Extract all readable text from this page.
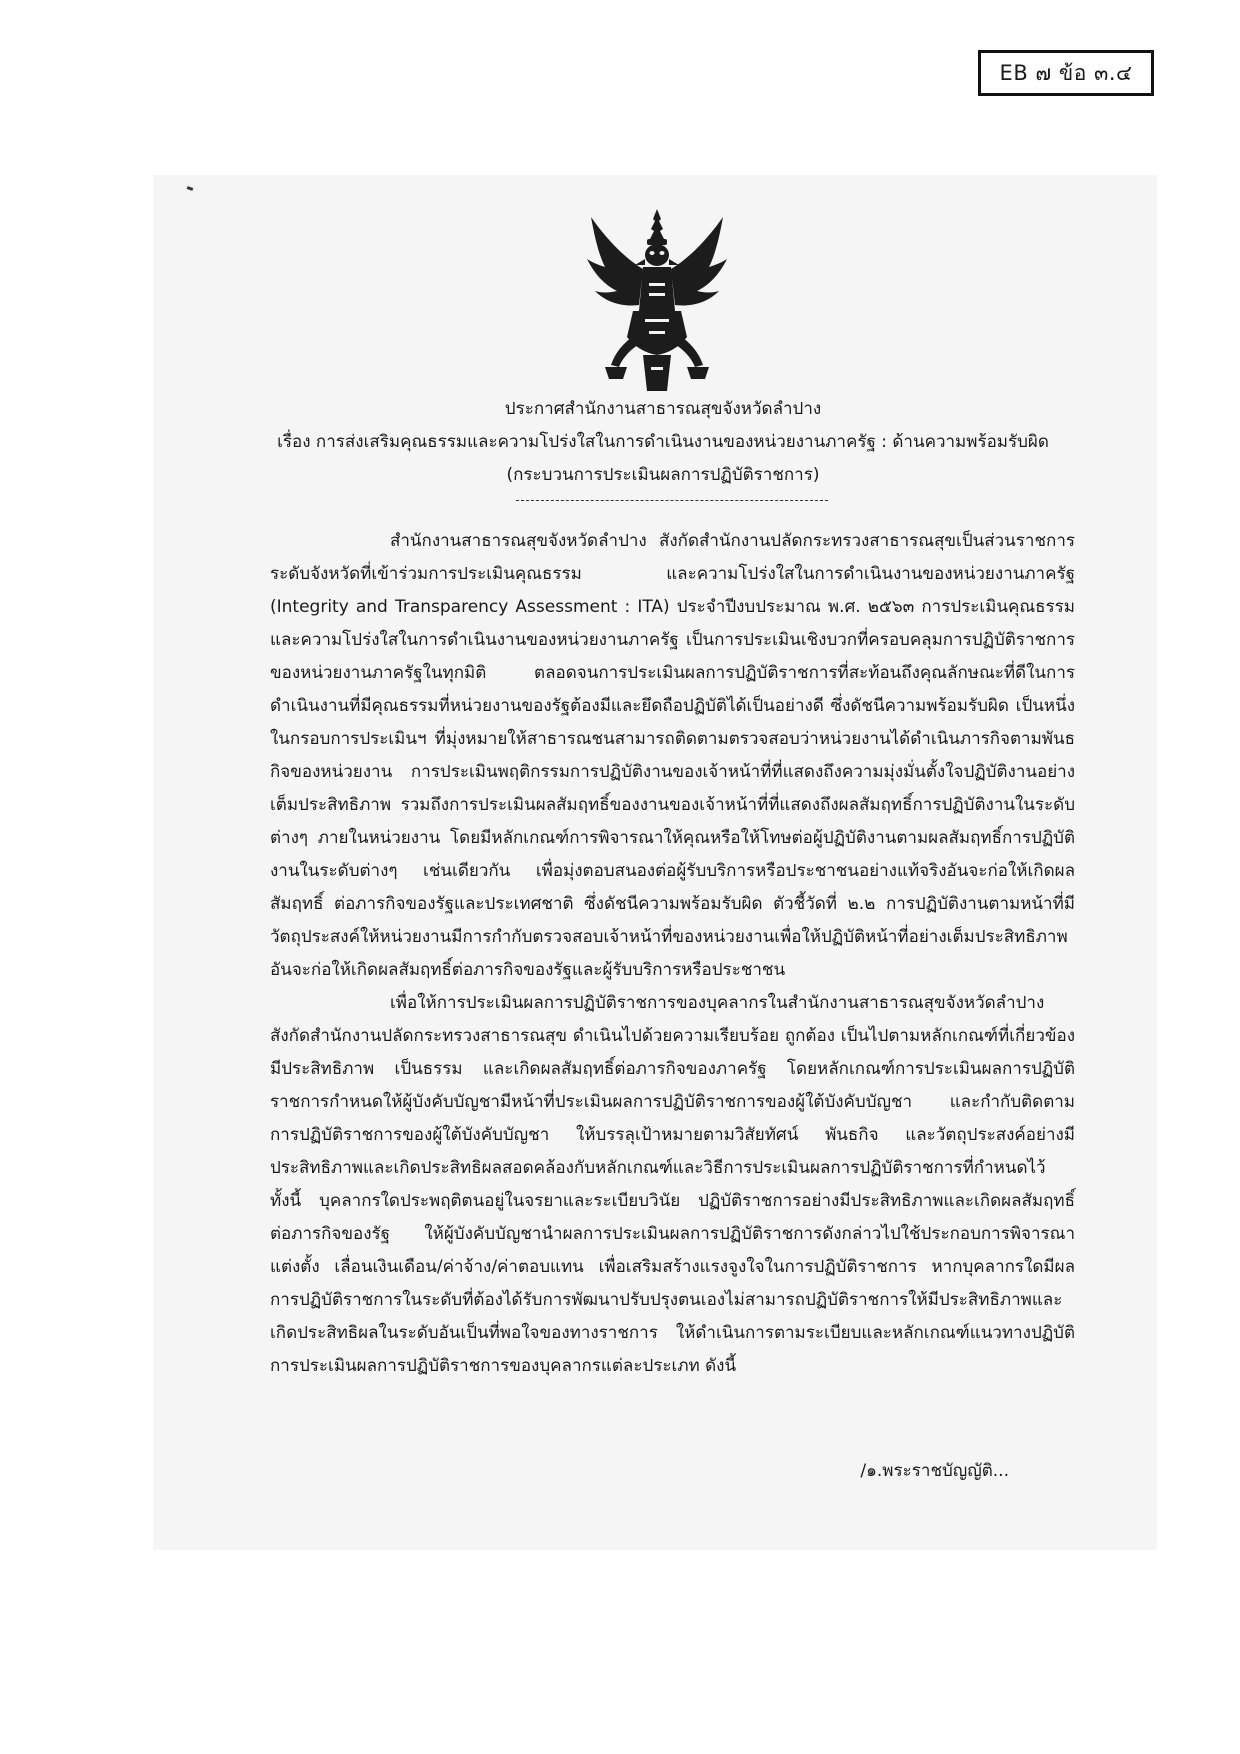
EB ๗ ข้อ ๓.๔
ประกาศสำนักงานสาธารณสุขจังหวัดลำปาง
เรื่อง การส่งเสริมคุณธรรมและความโปร่งใสในการดำเนินงานของหน่วยงานภาครัฐ : ด้านความพร้อมรับผิด
(กระบวนการประเมินผลการปฏิบัติราชการ)

สำนักงานสาธารณสุขจังหวัดลำปาง สังกัดสำนักงานปลัดกระทรวงสาธารณสุขเป็นส่วนราชการระดับจังหวัดที่เข้าร่วมการประเมินคุณธรรม และความโปร่งใสในการดำเนินงานของหน่วยงานภาครัฐ (Integrity and Transparency Assessment : ITA) ประจำปีงบประมาณ พ.ศ. ๒๕๖๓ การประเมินคุณธรรมและความโปร่งใสในการดำเนินงานของหน่วยงานภาครัฐ เป็นการประเมินเชิงบวกที่ครอบคลุมการปฏิบัติราชการของหน่วยงานภาครัฐในทุกมิติ ตลอดจนการประเมินผลการปฏิบัติราชการที่สะท้อนถึงคุณลักษณะที่ดีในการดำเนินงานที่มีคุณธรรมที่หน่วยงานของรัฐต้องมีและยึดถือปฏิบัติได้เป็นอย่างดี ซึ่งดัชนีความพร้อมรับผิด เป็นหนึ่งในกรอบการประเมินฯ ที่มุ่งหมายให้สาธารณชนสามารถติดตามตรวจสอบว่าหน่วยงานได้ดำเนินภารกิจตามพันธกิจของหน่วยงาน การประเมินพฤติกรรมการปฏิบัติงานของเจ้าหน้าที่ที่แสดงถึงความมุ่งมั่นตั้งใจปฏิบัติงานอย่างเต็มประสิทธิภาพ รวมถึงการประเมินผลสัมฤทธิ์ของงานของเจ้าหน้าที่ที่แสดงถึงผลสัมฤทธิ์การปฏิบัติงานในระดับต่างๆ ภายในหน่วยงาน โดยมีหลักเกณฑ์การพิจารณาให้คุณหรือให้โทษต่อผู้ปฏิบัติงานตามผลสัมฤทธิ์การปฏิบัติงานในระดับต่างๆ เช่นเดียวกัน เพื่อมุ่งตอบสนองต่อผู้รับบริการหรือประชาชนอย่างแท้จริงอันจะก่อให้เกิดผลสัมฤทธิ์ ต่อภารกิจของรัฐและประเทศชาติ ซึ่งดัชนีความพร้อมรับผิด ตัวชี้วัดที่ ๒.๒ การปฏิบัติงานตามหน้าที่มีวัตถุประสงค์ให้หน่วยงานมีการกำกับตรวจสอบเจ้าหน้าที่ของหน่วยงานเพื่อให้ปฏิบัติหน้าที่อย่างเต็มประสิทธิภาพอันจะก่อให้เกิดผลสัมฤทธิ์ต่อภารกิจของรัฐและผู้รับบริการหรือประชาชน

เพื่อให้การประเมินผลการปฏิบัติราชการของบุคลากรในสำนักงานสาธารณสุขจังหวัดลำปาง สังกัดสำนักงานปลัดกระทรวงสาธารณสุข ดำเนินไปด้วยความเรียบร้อย ถูกต้อง เป็นไปตามหลักเกณฑ์ที่เกี่ยวข้อง มีประสิทธิภาพ เป็นธรรม และเกิดผลสัมฤทธิ์ต่อภารกิจของภาครัฐ โดยหลักเกณฑ์การประเมินผลการปฏิบัติราชการกำหนดให้ผู้บังคับบัญชามีหน้าที่ประเมินผลการปฏิบัติราชการของผู้ใต้บังคับบัญชา และกำกับติดตาม การปฏิบัติราชการของผู้ใต้บังคับบัญชา ให้บรรลุเป้าหมายตามวิสัยทัศน์ พันธกิจ และวัตถุประสงค์อย่างมีประสิทธิภาพและเกิดประสิทธิผลสอดคล้องกับหลักเกณฑ์และวิธีการประเมินผลการปฏิบัติราชการที่กำหนดไว้ ทั้งนี้ บุคลากรใดประพฤติตนอยู่ในจรยาและระเบียบวินัย ปฏิบัติราชการอย่างมีประสิทธิภาพและเกิดผลสัมฤทธิ์ ต่อภารกิจของรัฐ ให้ผู้บังคับบัญชานำผลการประเมินผลการปฏิบัติราชการดังกล่าวไปใช้ประกอบการพิจารณาแต่งตั้ง เลื่อนเงินเดือน/ค่าจ้าง/ค่าตอบแทน เพื่อเสริมสร้างแรงจูงใจในการปฏิบัติราชการ หากบุคลากรใดมีผลการปฏิบัติราชการในระดับที่ต้องได้รับการพัฒนาปรับปรุงตนเองไม่สามารถปฏิบัติราชการให้มีประสิทธิภาพและ เกิดประสิทธิผลในระดับอันเป็นที่พอใจของทางราชการ ให้ดำเนินการตามระเบียบและหลักเกณฑ์แนวทางปฏิบัติการประเมินผลการปฏิบัติราชการของบุคลากรแต่ละประเภท ดังนี้

/๑.พระราชบัญญัติ...
